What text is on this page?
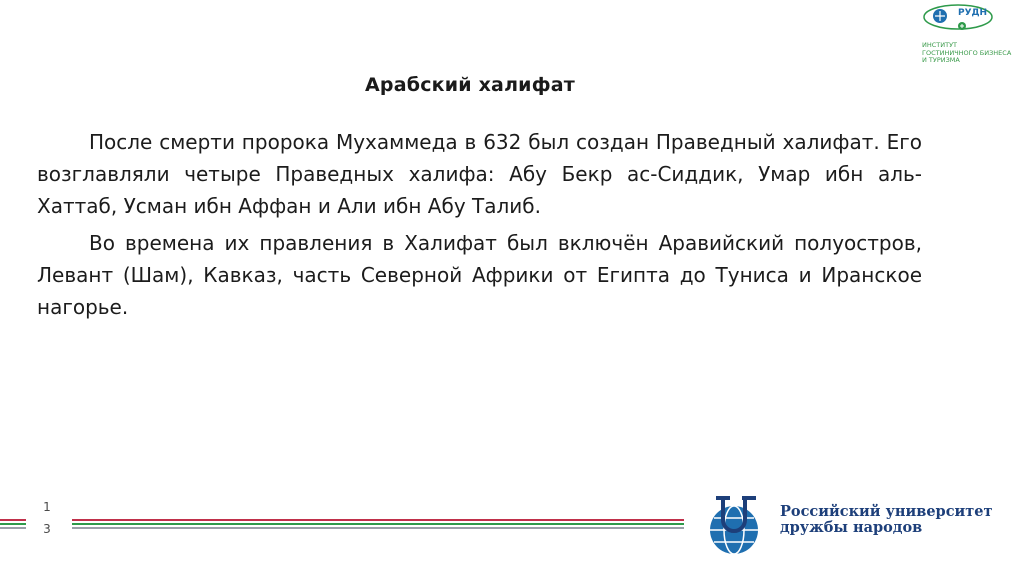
РУДН
ИНСТИТУТ ГОСТИНИЧНОГО БИЗНЕСА И ТУРИЗМА
Арабский халифат

После смерти пророка Мухаммеда в 632 был создан Праведный халифат. Его возглавляли четыре Праведных халифа: Абу Бекр ас-Сиддик, Умар ибн аль-Хаттаб, Усман ибн Аффан и Али ибн Абу Талиб.

Во времена их правления в Халифат был включён Аравийский полуостров, Левант (Шам), Кавказ, часть Северной Африки от Египта до Туниса и Иранское нагорье.

1
3
Российский университет
дружбы народов
